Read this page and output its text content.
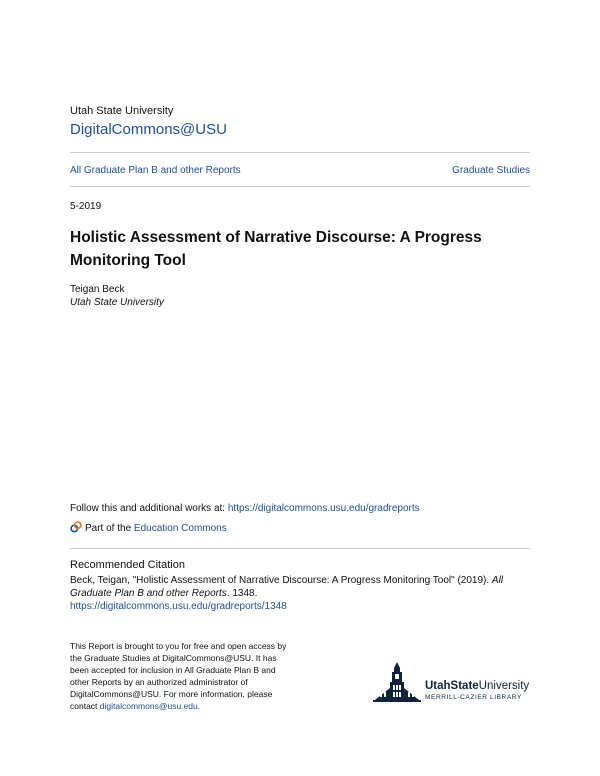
Utah State University
DigitalCommons@USU
All Graduate Plan B and other Reports	Graduate Studies
5-2019
Holistic Assessment of Narrative Discourse: A Progress
Monitoring Tool
Teigan Beck
Utah State University
Follow this and additional works at: https://digitalcommons.usu.edu/gradreports
Part of the Education Commons
Recommended Citation
Beck, Teigan, "Holistic Assessment of Narrative Discourse: A Progress Monitoring Tool" (2019). All
Graduate Plan B and other Reports. 1348.
https://digitalcommons.usu.edu/gradreports/1348
This Report is brought to you for free and open access by
the Graduate Studies at DigitalCommons@USU. It has
been accepted for inclusion in All Graduate Plan B and
other Reports by an authorized administrator of
DigitalCommons@USU. For more information, please
contact digitalcommons@usu.edu.
UtahStateUniversity
MERRILL-CAZIER LIBRARY
